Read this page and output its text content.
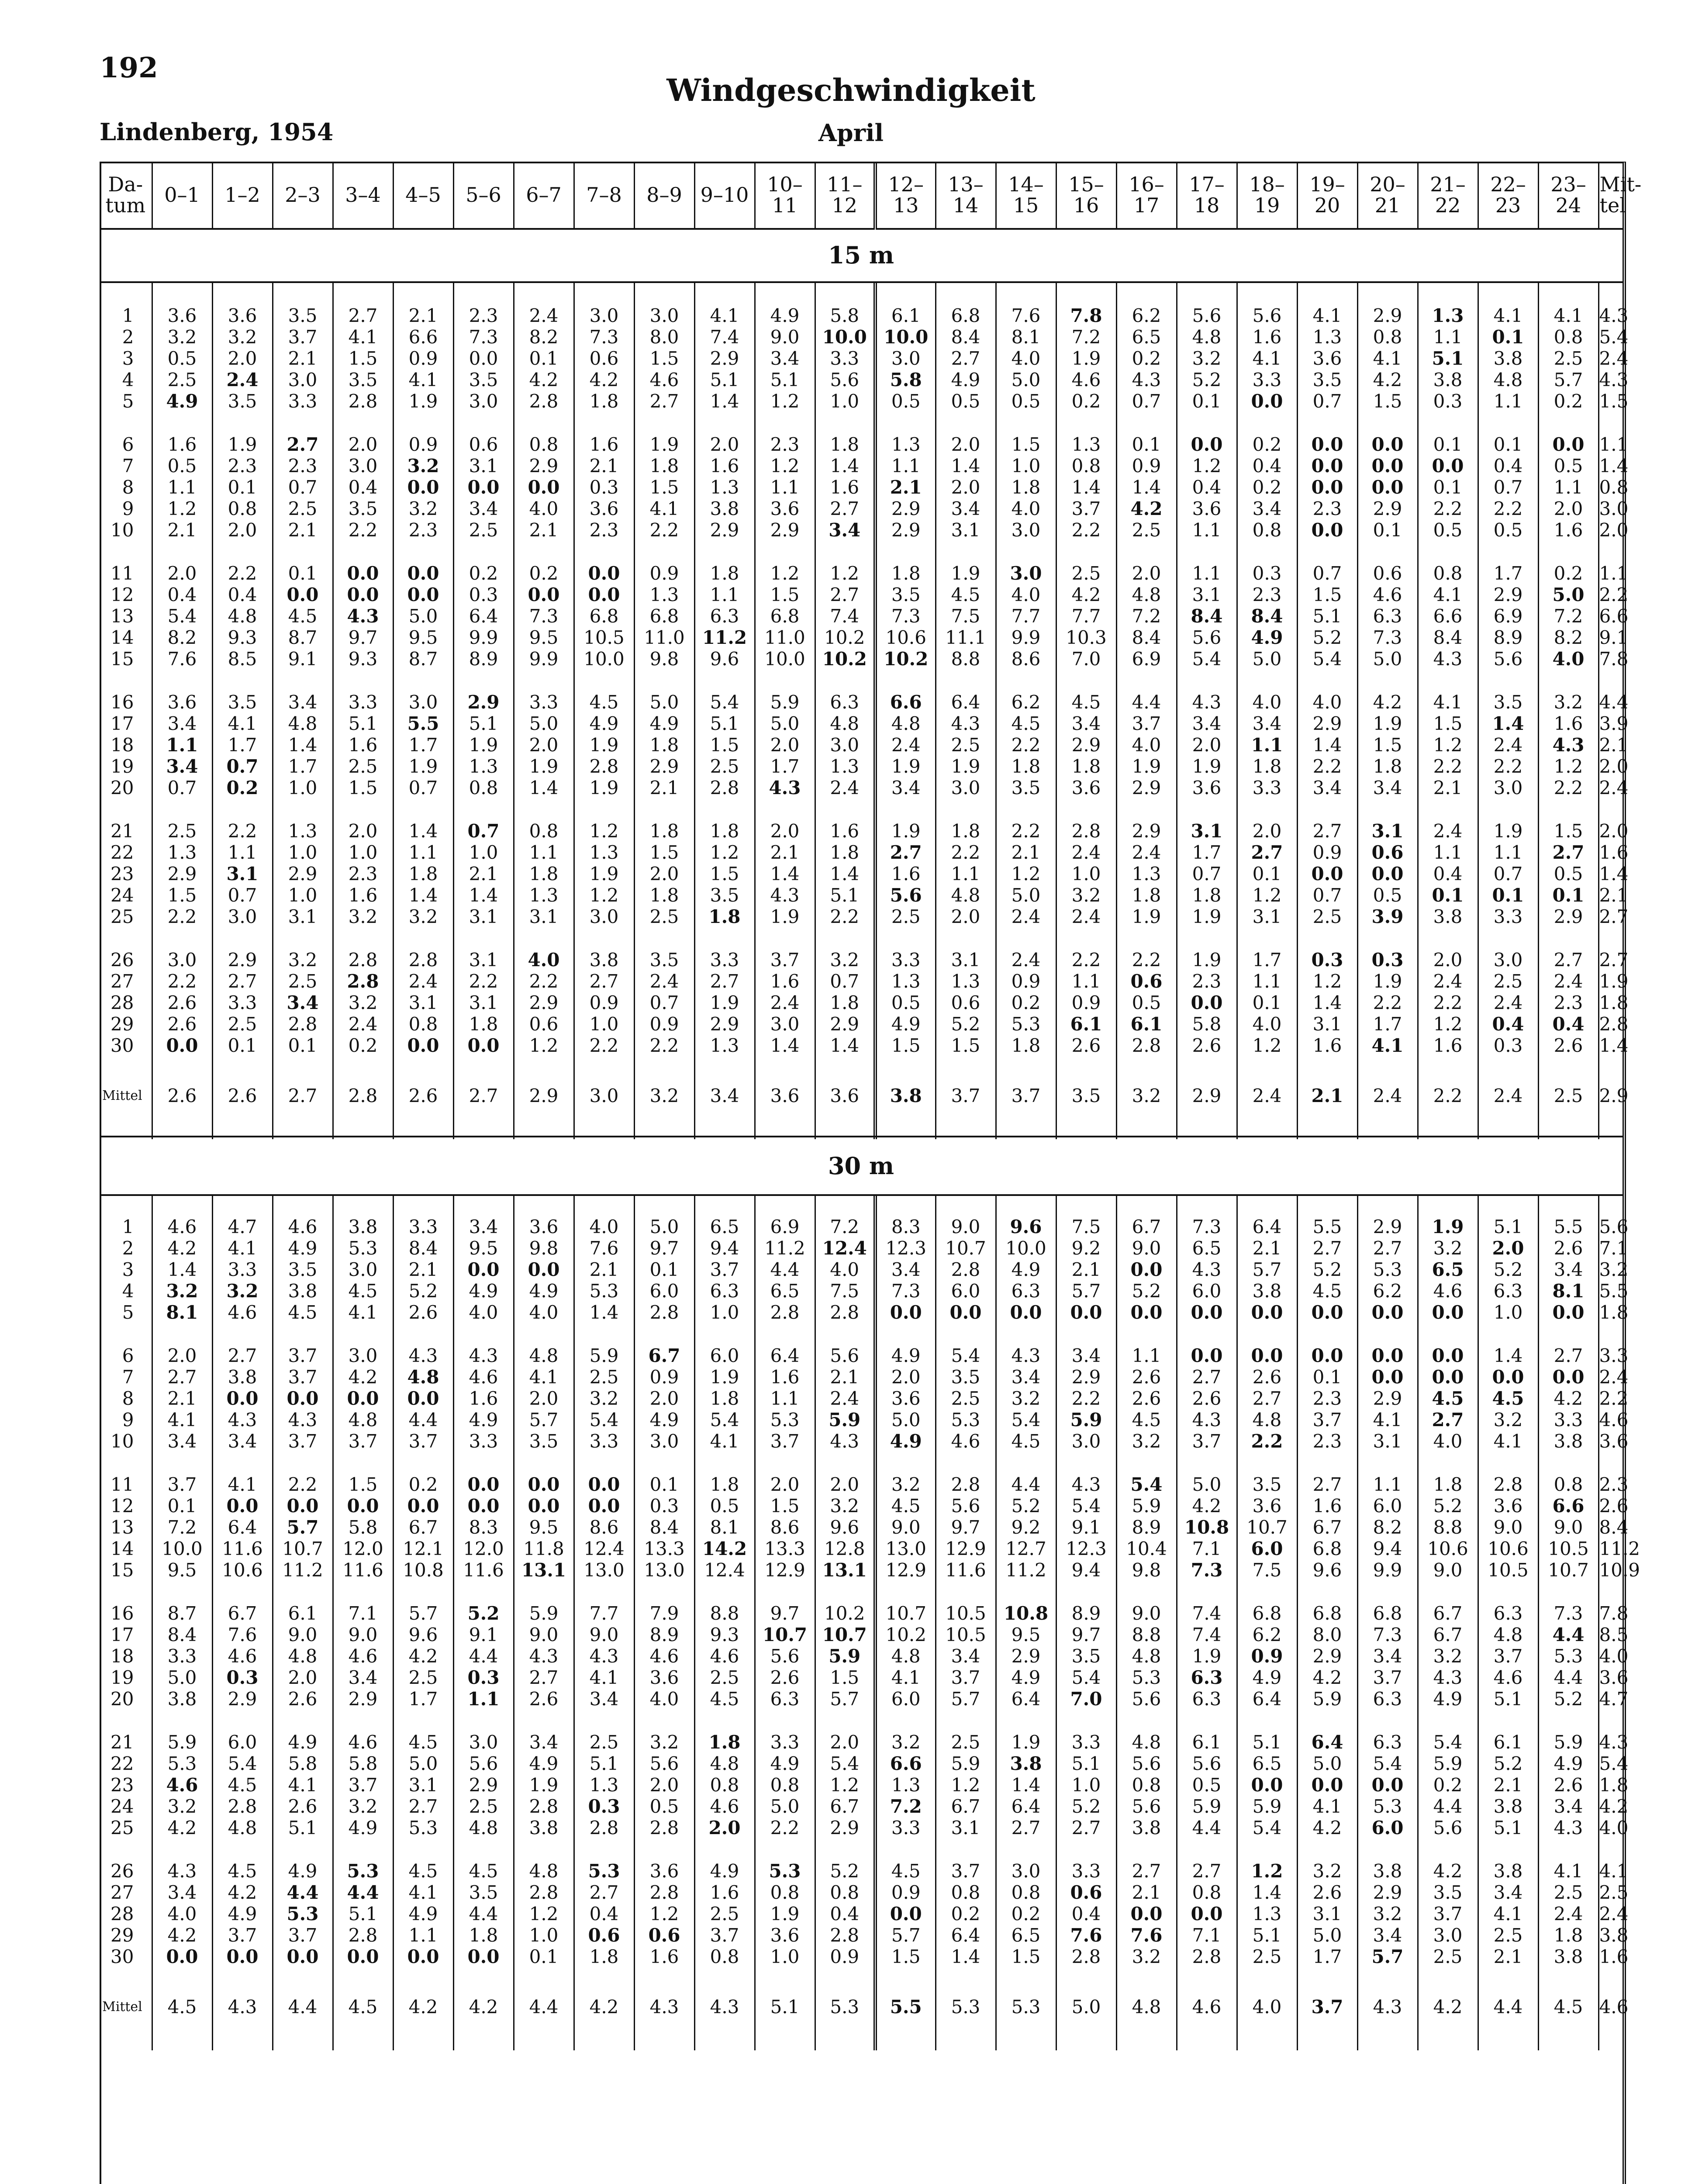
192
Windgeschwindigkeit
Lindenberg, 1954	April
Da-tum	0–1	1–2	2–3	3–4	4–5	5–6	6–7	7–8	8–9	9–10	10–11	11–12	12–13	13–14	14–15	15–16	16–17	17–18	18–19	19–20	20–21	21–22	22–23	23–24	Mit-tel
15 m

1	3.6	3.6	3.5	2.7	2.1	2.3	2.4	3.0	3.0	4.1	4.9	5.8	6.1	6.8	7.6	7.8	6.2	5.6	5.6	4.1	2.9	1.3	4.1	4.1	4.3
2	3.2	3.2	3.7	4.1	6.6	7.3	8.2	7.3	8.0	7.4	9.0	10.0	10.0	8.4	8.1	7.2	6.5	4.8	1.6	1.3	0.8	1.1	0.1	0.8	5.4
3	0.5	2.0	2.1	1.5	0.9	0.0	0.1	0.6	1.5	2.9	3.4	3.3	3.0	2.7	4.0	1.9	0.2	3.2	4.1	3.6	4.1	5.1	3.8	2.5	2.4
4	2.5	2.4	3.0	3.5	4.1	3.5	4.2	4.2	4.6	5.1	5.1	5.6	5.8	4.9	5.0	4.6	4.3	5.2	3.3	3.5	4.2	3.8	4.8	5.7	4.3
5	4.9	3.5	3.3	2.8	1.9	3.0	2.8	1.8	2.7	1.4	1.2	1.0	0.5	0.5	0.5	0.2	0.7	0.1	0.0	0.7	1.5	0.3	1.1	0.2	1.5

6	1.6	1.9	2.7	2.0	0.9	0.6	0.8	1.6	1.9	2.0	2.3	1.8	1.3	2.0	1.5	1.3	0.1	0.0	0.2	0.0	0.0	0.1	0.1	0.0	1.1
7	0.5	2.3	2.3	3.0	3.2	3.1	2.9	2.1	1.8	1.6	1.2	1.4	1.1	1.4	1.0	0.8	0.9	1.2	0.4	0.0	0.0	0.0	0.4	0.5	1.4
8	1.1	0.1	0.7	0.4	0.0	0.0	0.0	0.3	1.5	1.3	1.1	1.6	2.1	2.0	1.8	1.4	1.4	0.4	0.2	0.0	0.0	0.1	0.7	1.1	0.8
9	1.2	0.8	2.5	3.5	3.2	3.4	4.0	3.6	4.1	3.8	3.6	2.7	2.9	3.4	4.0	3.7	4.2	3.6	3.4	2.3	2.9	2.2	2.2	2.0	3.0
10	2.1	2.0	2.1	2.2	2.3	2.5	2.1	2.3	2.2	2.9	2.9	3.4	2.9	3.1	3.0	2.2	2.5	1.1	0.8	0.0	0.1	0.5	0.5	1.6	2.0

11	2.0	2.2	0.1	0.0	0.0	0.2	0.2	0.0	0.9	1.8	1.2	1.2	1.8	1.9	3.0	2.5	2.0	1.1	0.3	0.7	0.6	0.8	1.7	0.2	1.1
12	0.4	0.4	0.0	0.0	0.0	0.3	0.0	0.0	1.3	1.1	1.5	2.7	3.5	4.5	4.0	4.2	4.8	3.1	2.3	1.5	4.6	4.1	2.9	5.0	2.2
13	5.4	4.8	4.5	4.3	5.0	6.4	7.3	6.8	6.8	6.3	6.8	7.4	7.3	7.5	7.7	7.7	7.2	8.4	8.4	5.1	6.3	6.6	6.9	7.2	6.6
14	8.2	9.3	8.7	9.7	9.5	9.9	9.5	10.5	11.0	11.2	11.0	10.2	10.6	11.1	9.9	10.3	8.4	5.6	4.9	5.2	7.3	8.4	8.9	8.2	9.1
15	7.6	8.5	9.1	9.3	8.7	8.9	9.9	10.0	9.8	9.6	10.0	10.2	10.2	8.8	8.6	7.0	6.9	5.4	5.0	5.4	5.0	4.3	5.6	4.0	7.8

16	3.6	3.5	3.4	3.3	3.0	2.9	3.3	4.5	5.0	5.4	5.9	6.3	6.6	6.4	6.2	4.5	4.4	4.3	4.0	4.0	4.2	4.1	3.5	3.2	4.4
17	3.4	4.1	4.8	5.1	5.5	5.1	5.0	4.9	4.9	5.1	5.0	4.8	4.8	4.3	4.5	3.4	3.7	3.4	3.4	2.9	1.9	1.5	1.4	1.6	3.9
18	1.1	1.7	1.4	1.6	1.7	1.9	2.0	1.9	1.8	1.5	2.0	3.0	2.4	2.5	2.2	2.9	4.0	2.0	1.1	1.4	1.5	1.2	2.4	4.3	2.1
19	3.4	0.7	1.7	2.5	1.9	1.3	1.9	2.8	2.9	2.5	1.7	1.3	1.9	1.9	1.8	1.8	1.9	1.9	1.8	2.2	1.8	2.2	2.2	1.2	2.0
20	0.7	0.2	1.0	1.5	0.7	0.8	1.4	1.9	2.1	2.8	4.3	2.4	3.4	3.0	3.5	3.6	2.9	3.6	3.3	3.4	3.4	2.1	3.0	2.2	2.4

21	2.5	2.2	1.3	2.0	1.4	0.7	0.8	1.2	1.8	1.8	2.0	1.6	1.9	1.8	2.2	2.8	2.9	3.1	2.0	2.7	3.1	2.4	1.9	1.5	2.0
22	1.3	1.1	1.0	1.0	1.1	1.0	1.1	1.3	1.5	1.2	2.1	1.8	2.7	2.2	2.1	2.4	2.4	1.7	2.7	0.9	0.6	1.1	1.1	2.7	1.6
23	2.9	3.1	2.9	2.3	1.8	2.1	1.8	1.9	2.0	1.5	1.4	1.4	1.6	1.1	1.2	1.0	1.3	0.7	0.1	0.0	0.0	0.4	0.7	0.5	1.4
24	1.5	0.7	1.0	1.6	1.4	1.4	1.3	1.2	1.8	3.5	4.3	5.1	5.6	4.8	5.0	3.2	1.8	1.8	1.2	0.7	0.5	0.1	0.1	0.1	2.1
25	2.2	3.0	3.1	3.2	3.2	3.1	3.1	3.0	2.5	1.8	1.9	2.2	2.5	2.0	2.4	2.4	1.9	1.9	3.1	2.5	3.9	3.8	3.3	2.9	2.7

26	3.0	2.9	3.2	2.8	2.8	3.1	4.0	3.8	3.5	3.3	3.7	3.2	3.3	3.1	2.4	2.2	2.2	1.9	1.7	0.3	0.3	2.0	3.0	2.7	2.7
27	2.2	2.7	2.5	2.8	2.4	2.2	2.2	2.7	2.4	2.7	1.6	0.7	1.3	1.3	0.9	1.1	0.6	2.3	1.1	1.2	1.9	2.4	2.5	2.4	1.9
28	2.6	3.3	3.4	3.2	3.1	3.1	2.9	0.9	0.7	1.9	2.4	1.8	0.5	0.6	0.2	0.9	0.5	0.0	0.1	1.4	2.2	2.2	2.4	2.3	1.8
29	2.6	2.5	2.8	2.4	0.8	1.8	0.6	1.0	0.9	2.9	3.0	2.9	4.9	5.2	5.3	6.1	6.1	5.8	4.0	3.1	1.7	1.2	0.4	0.4	2.8
30	0.0	0.1	0.1	0.2	0.0	0.0	1.2	2.2	2.2	1.3	1.4	1.4	1.5	1.5	1.8	2.6	2.8	2.6	1.2	1.6	4.1	1.6	0.3	2.6	1.4

Mittel	2.6	2.6	2.7	2.8	2.6	2.7	2.9	3.0	3.2	3.4	3.6	3.6	3.8	3.7	3.7	3.5	3.2	2.9	2.4	2.1	2.4	2.2	2.4	2.5	2.9

30 m

1	4.6	4.7	4.6	3.8	3.3	3.4	3.6	4.0	5.0	6.5	6.9	7.2	8.3	9.0	9.6	7.5	6.7	7.3	6.4	5.5	2.9	1.9	5.1	5.5	5.6
2	4.2	4.1	4.9	5.3	8.4	9.5	9.8	7.6	9.7	9.4	11.2	12.4	12.3	10.7	10.0	9.2	9.0	6.5	2.1	2.7	2.7	3.2	2.0	2.6	7.1
3	1.4	3.3	3.5	3.0	2.1	0.0	0.0	2.1	0.1	3.7	4.4	4.0	3.4	2.8	4.9	2.1	0.0	4.3	5.7	5.2	5.3	6.5	5.2	3.4	3.2
4	3.2	3.2	3.8	4.5	5.2	4.9	4.9	5.3	6.0	6.3	6.5	7.5	7.3	6.0	6.3	5.7	5.2	6.0	3.8	4.5	6.2	4.6	6.3	8.1	5.5
5	8.1	4.6	4.5	4.1	2.6	4.0	4.0	1.4	2.8	1.0	2.8	2.8	0.0	0.0	0.0	0.0	0.0	0.0	0.0	0.0	0.0	0.0	1.0	0.0	1.8

6	2.0	2.7	3.7	3.0	4.3	4.3	4.8	5.9	6.7	6.0	6.4	5.6	4.9	5.4	4.3	3.4	1.1	0.0	0.0	0.0	0.0	0.0	1.4	2.7	3.3
7	2.7	3.8	3.7	4.2	4.8	4.6	4.1	2.5	0.9	1.9	1.6	2.1	2.0	3.5	3.4	2.9	2.6	2.7	2.6	0.1	0.0	0.0	0.0	0.0	2.4
8	2.1	0.0	0.0	0.0	0.0	1.6	2.0	3.2	2.0	1.8	1.1	2.4	3.6	2.5	3.2	2.2	2.6	2.6	2.7	2.3	2.9	4.5	4.5	4.2	2.2
9	4.1	4.3	4.3	4.8	4.4	4.9	5.7	5.4	4.9	5.4	5.3	5.9	5.0	5.3	5.4	5.9	4.5	4.3	4.8	3.7	4.1	2.7	3.2	3.3	4.6
10	3.4	3.4	3.7	3.7	3.7	3.3	3.5	3.3	3.0	4.1	3.7	4.3	4.9	4.6	4.5	3.0	3.2	3.7	2.2	2.3	3.1	4.0	4.1	3.8	3.6

11	3.7	4.1	2.2	1.5	0.2	0.0	0.0	0.0	0.1	1.8	2.0	2.0	3.2	2.8	4.4	4.3	5.4	5.0	3.5	2.7	1.1	1.8	2.8	0.8	2.3
12	0.1	0.0	0.0	0.0	0.0	0.0	0.0	0.0	0.3	0.5	1.5	3.2	4.5	5.6	5.2	5.4	5.9	4.2	3.6	1.6	6.0	5.2	3.6	6.6	2.6
13	7.2	6.4	5.7	5.8	6.7	8.3	9.5	8.6	8.4	8.1	8.6	9.6	9.0	9.7	9.2	9.1	8.9	10.8	10.7	6.7	8.2	8.8	9.0	9.0	8.4
14	10.0	11.6	10.7	12.0	12.1	12.0	11.8	12.4	13.3	14.2	13.3	12.8	13.0	12.9	12.7	12.3	10.4	7.1	6.0	6.8	9.4	10.6	10.6	10.5	11.2
15	9.5	10.6	11.2	11.6	10.8	11.6	13.1	13.0	13.0	12.4	12.9	13.1	12.9	11.6	11.2	9.4	9.8	7.3	7.5	9.6	9.9	9.0	10.5	10.7	10.9

16	8.7	6.7	6.1	7.1	5.7	5.2	5.9	7.7	7.9	8.8	9.7	10.2	10.7	10.5	10.8	8.9	9.0	7.4	6.8	6.8	6.8	6.7	6.3	7.3	7.8
17	8.4	7.6	9.0	9.0	9.6	9.1	9.0	9.0	8.9	9.3	10.7	10.7	10.2	10.5	9.5	9.7	8.8	7.4	6.2	8.0	7.3	6.7	4.8	4.4	8.5
18	3.3	4.6	4.8	4.6	4.2	4.4	4.3	4.3	4.6	4.6	5.6	5.9	4.8	3.4	2.9	3.5	4.8	1.9	0.9	2.9	3.4	3.2	3.7	5.3	4.0
19	5.0	0.3	2.0	3.4	2.5	0.3	2.7	4.1	3.6	2.5	2.6	1.5	4.1	3.7	4.9	5.4	5.3	6.3	4.9	4.2	3.7	4.3	4.6	4.4	3.6
20	3.8	2.9	2.6	2.9	1.7	1.1	2.6	3.4	4.0	4.5	6.3	5.7	6.0	5.7	6.4	7.0	5.6	6.3	6.4	5.9	6.3	4.9	5.1	5.2	4.7

21	5.9	6.0	4.9	4.6	4.5	3.0	3.4	2.5	3.2	1.8	3.3	2.0	3.2	2.5	1.9	3.3	4.8	6.1	5.1	6.4	6.3	5.4	6.1	5.9	4.3
22	5.3	5.4	5.8	5.8	5.0	5.6	4.9	5.1	5.6	4.8	4.9	5.4	6.6	5.9	3.8	5.1	5.6	5.6	6.5	5.0	5.4	5.9	5.2	4.9	5.4
23	4.6	4.5	4.1	3.7	3.1	2.9	1.9	1.3	2.0	0.8	0.8	1.2	1.3	1.2	1.4	1.0	0.8	0.5	0.0	0.0	0.0	0.2	2.1	2.6	1.8
24	3.2	2.8	2.6	3.2	2.7	2.5	2.8	0.3	0.5	4.6	5.0	6.7	7.2	6.7	6.4	5.2	5.6	5.9	5.9	4.1	5.3	4.4	3.8	3.4	4.2
25	4.2	4.8	5.1	4.9	5.3	4.8	3.8	2.8	2.8	2.0	2.2	2.9	3.3	3.1	2.7	2.7	3.8	4.4	5.4	4.2	6.0	5.6	5.1	4.3	4.0

26	4.3	4.5	4.9	5.3	4.5	4.5	4.8	5.3	3.6	4.9	5.3	5.2	4.5	3.7	3.0	3.3	2.7	2.7	1.2	3.2	3.8	4.2	3.8	4.1	4.1
27	3.4	4.2	4.4	4.4	4.1	3.5	2.8	2.7	2.8	1.6	0.8	0.8	0.9	0.8	0.8	0.6	2.1	0.8	1.4	2.6	2.9	3.5	3.4	2.5	2.5
28	4.0	4.9	5.3	5.1	4.9	4.4	1.2	0.4	1.2	2.5	1.9	0.4	0.0	0.2	0.2	0.4	0.0	0.0	1.3	3.1	3.2	3.7	4.1	2.4	2.4
29	4.2	3.7	3.7	2.8	1.1	1.8	1.0	0.6	0.6	3.7	3.6	2.8	5.7	6.4	6.5	7.6	7.6	7.1	5.1	5.0	3.4	3.0	2.5	1.8	3.8
30	0.0	0.0	0.0	0.0	0.0	0.0	0.1	1.8	1.6	0.8	1.0	0.9	1.5	1.4	1.5	2.8	3.2	2.8	2.5	1.7	5.7	2.5	2.1	3.8	1.6

Mittel	4.5	4.3	4.4	4.5	4.2	4.2	4.4	4.2	4.3	4.3	5.1	5.3	5.5	5.3	5.3	5.0	4.8	4.6	4.0	3.7	4.3	4.2	4.4	4.5	4.6
